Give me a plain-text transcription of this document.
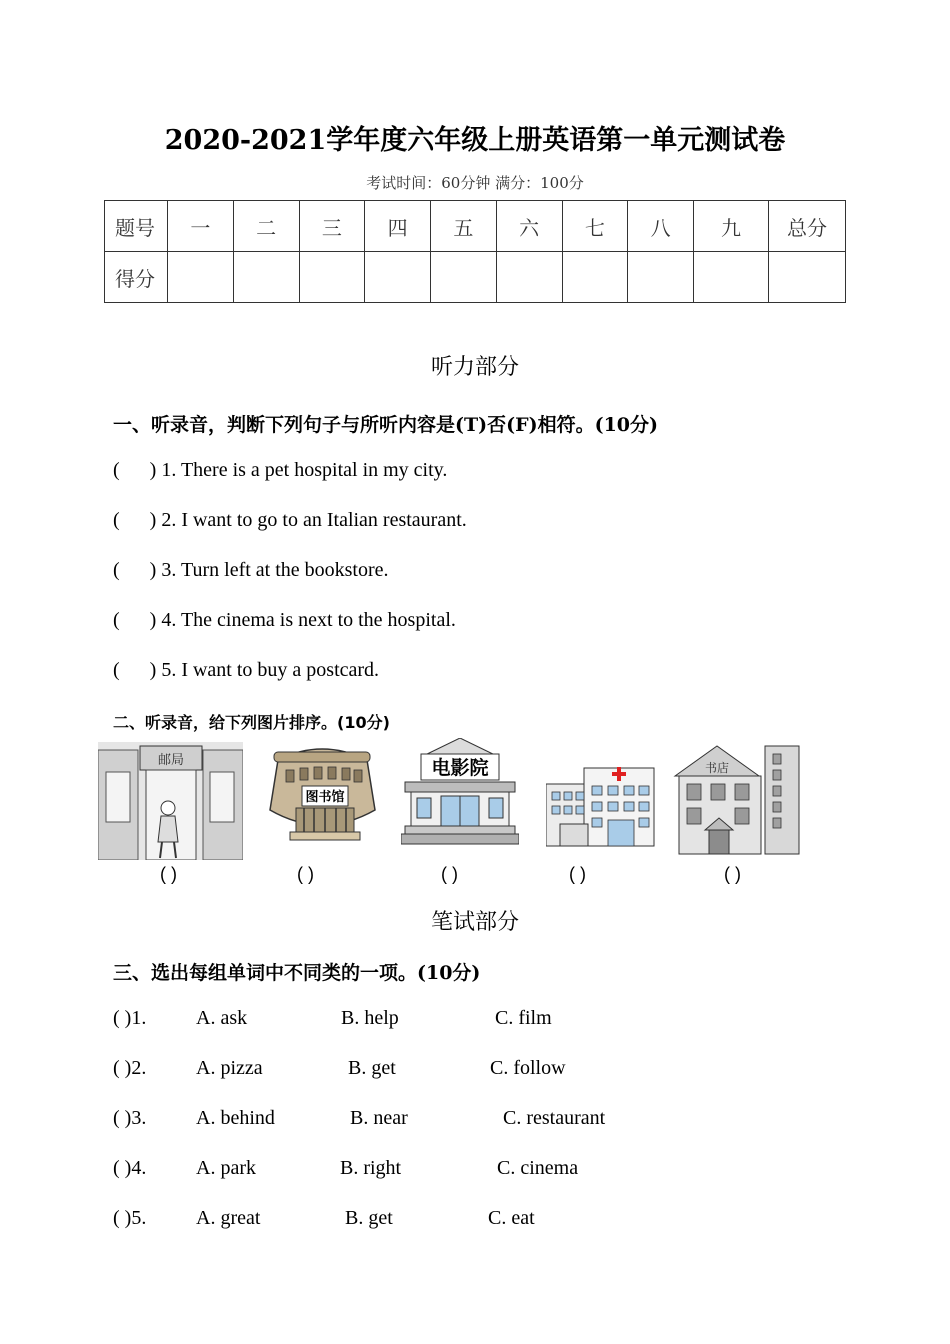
2020-2021学年度六年级上册英语第一单元测试卷
考试时间：60分钟 满分：100分
题号	一	二	三	四	五	六	七	八	九	总分
得分										
听力部分
一、听录音，判断下列句子与所听内容是(T)否(F)相符。(10分)
(      ) 1. There is a pet hospital in my city.
(      ) 2. I want to go to an Italian restaurant.
(      ) 3. Turn left at the bookstore.
(      ) 4. The cinema is next to the hospital.
(      ) 5. I want to buy a postcard.
二、听录音，给下列图片排序。(10分)
邮局
图书馆
电影院	书店
( )	( )	( )	( )	( )
笔试部分
三、选出每组单词中不同类的一项。(10分)
( )1. A. ask	B. help	C. film
( )2. A. pizza	B. get	C. follow
( )3. A. behind	B. near	C. restaurant
( )4. A. park	B. right	C. cinema
( )5. A. great	B. get	C. eat
